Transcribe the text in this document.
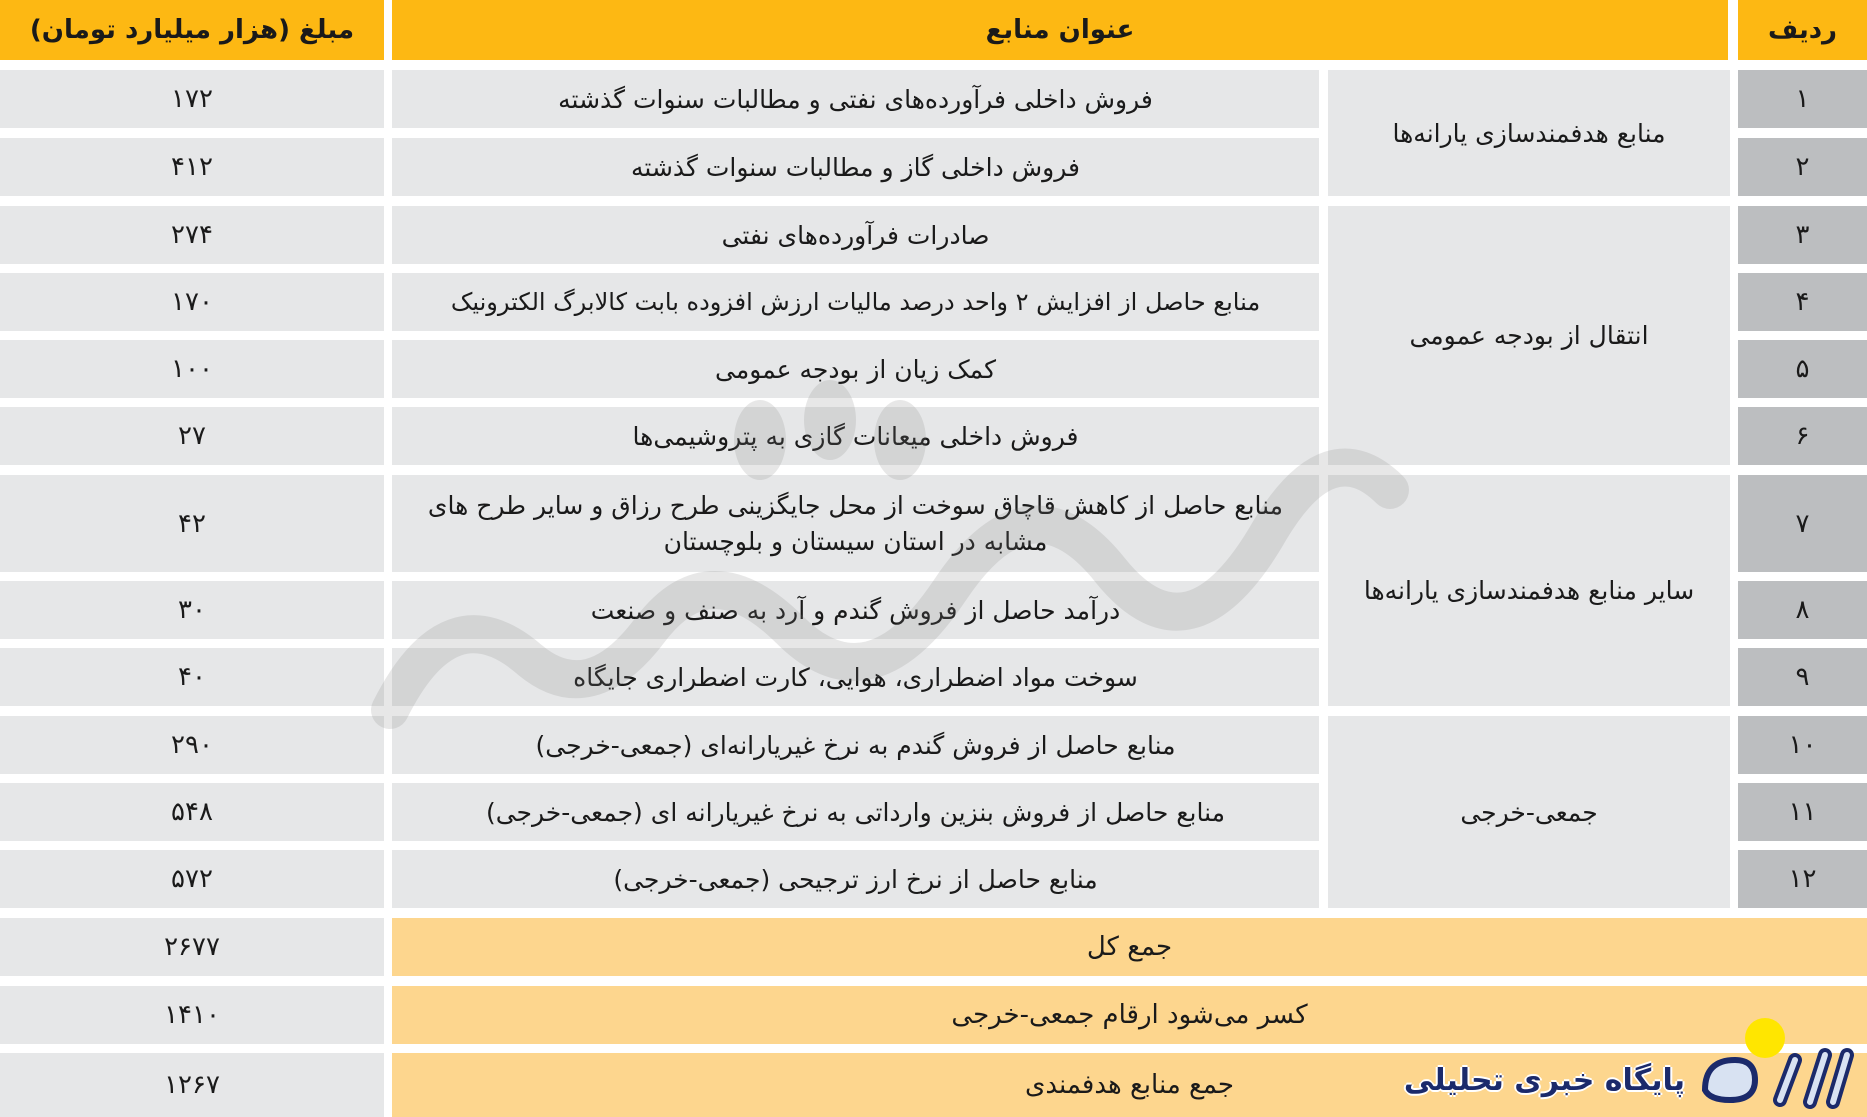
ردیف
عنوان منابع
مبلغ (هزار میلیارد تومان)
۱
فروش داخلی فرآورده‌های نفتی و مطالبات سنوات گذشته
۱۷۲
۲
فروش داخلی گاز و مطالبات سنوات گذشته
۴۱۲
منابع هدفمندسازی یارانه‌ها
۳
صادرات فرآورده‌های نفتی
۲۷۴
۴
منابع حاصل از افزایش ۲ واحد درصد مالیات ارزش افزوده بابت کالابرگ الکترونیک
۱۷۰
۵
کمک زیان از بودجه عمومی
۱۰۰
۶
فروش داخلی میعانات گازی به پتروشیمی‌ها
۲۷
انتقال از بودجه عمومی
۷
منابع حاصل از کاهش قاچاق سوخت از محل جایگزینی طرح رزاق و سایر طرح های مشابه در استان سیستان و بلوچستان
۴۲
۸
درآمد حاصل از فروش گندم و آرد به صنف و صنعت
۳۰
۹
سوخت مواد اضطراری، هوایی، کارت اضطراری جایگاه
۴۰
سایر منابع هدفمندسازی یارانه‌ها
۱۰
منابع حاصل از فروش گندم به نرخ غیریارانه‌ای (جمعی-خرجی)
۲۹۰
۱۱
منابع حاصل از فروش بنزین وارداتی به نرخ غیریارانه ای (جمعی-خرجی)
۵۴۸
۱۲
منابع حاصل از نرخ ارز ترجیحی (جمعی-خرجی)
۵۷۲
جمعی-خرجی
جمع کل
۲۶۷۷
کسر می‌شود ارقام جمعی-خرجی
۱۴۱۰
جمع منابع هدفمندی
۱۲۶۷	پایگاه خبری تحلیلی
